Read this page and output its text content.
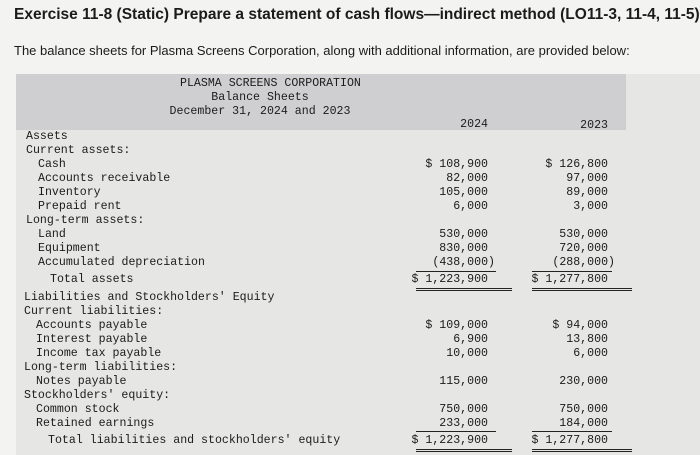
Exercise 11-8 (Static) Prepare a statement of cash flows—indirect method (LO11-3, 11-4, 11-5)
The balance sheets for Plasma Screens Corporation, along with additional information, are provided below:
PLASMA SCREENS CORPORATION
Balance Sheets
December 31, 2024 and 2023
2024	2023
Assets
Current assets:
Cash	$ 108,900	$ 126,800
Accounts receivable	82,000	97,000
Inventory	105,000	89,000
Prepaid rent	6,000	3,000
Long-term assets:
Land	530,000	530,000
Equipment	830,000	720,000
Accumulated depreciation	(438,000)	(288,000)
Total assets	$ 1,223,900	$ 1,277,800
Liabilities and Stockholders' Equity
Current liabilities:
Accounts payable	$ 109,000	$ 94,000
Interest payable	6,900	13,800
Income tax payable	10,000	6,000
Long-term liabilities:
Notes payable	115,000	230,000
Stockholders' equity:
Common stock	750,000	750,000
Retained earnings	233,000	184,000
Total liabilities and stockholders' equity	$ 1,223,900	$ 1,277,800
